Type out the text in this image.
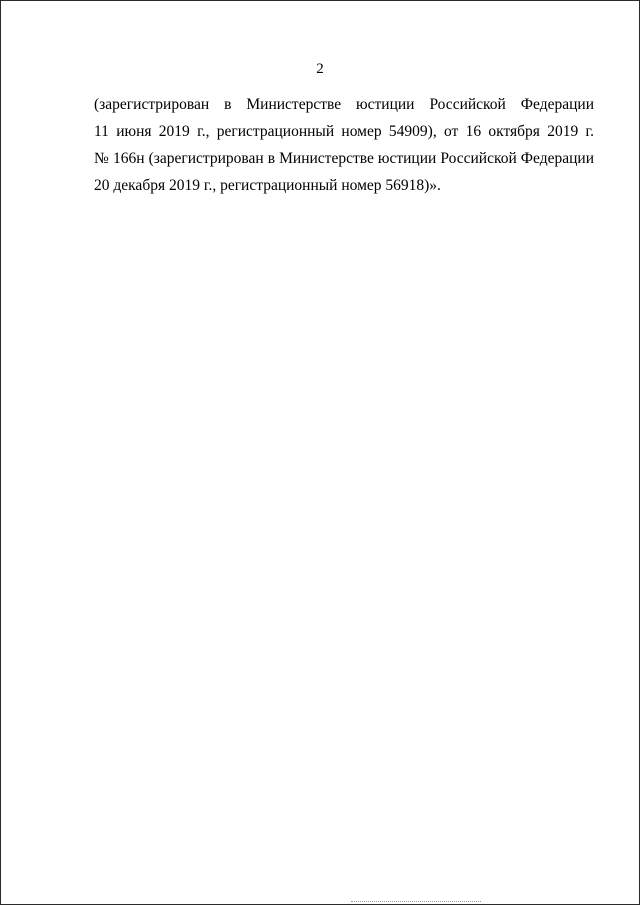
2
(зарегистрирован в Министерстве юстиции Российской Федерации
11 июня 2019 г., регистрационный номер 54909), от 16 октября 2019 г.
№ 166н (зарегистрирован в Министерстве юстиции Российской Федерации
20 декабря 2019 г., регистрационный номер 56918)».
